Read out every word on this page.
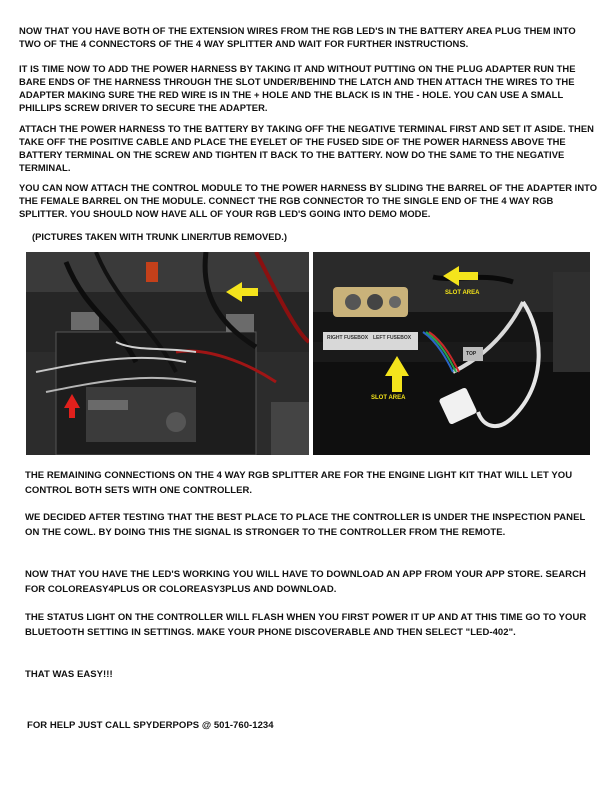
NOW THAT YOU HAVE BOTH OF THE EXTENSION WIRES FROM THE RGB LED'S IN THE BATTERY AREA PLUG THEM INTO TWO OF THE 4 CONNECTORS OF THE 4 WAY SPLITTER AND WAIT FOR FURTHER INSTRUCTIONS.
IT IS TIME NOW TO ADD THE POWER HARNESS BY TAKING IT AND WITHOUT PUTTING ON THE PLUG ADAPTER RUN THE BARE ENDS OF THE HARNESS THROUGH THE SLOT UNDER/BEHIND THE LATCH AND THEN ATTACH THE WIRES TO THE ADAPTER MAKING SURE THE RED WIRE IS IN THE + HOLE AND THE BLACK IS IN THE - HOLE. YOU CAN USE A SMALL PHILLIPS SCREW DRIVER TO SECURE THE ADAPTER.
ATTACH THE POWER HARNESS TO THE BATTERY BY TAKING OFF THE NEGATIVE TERMINAL FIRST AND SET IT ASIDE. THEN TAKE OFF THE POSITIVE CABLE AND PLACE THE EYELET OF THE FUSED SIDE OF THE POWER HARNESS ABOVE THE BATTERY TERMINAL ON THE SCREW AND TIGHTEN IT BACK TO THE BATTERY. NOW DO THE SAME TO THE NEGATIVE TERMINAL.
YOU CAN NOW ATTACH THE CONTROL MODULE TO THE POWER HARNESS BY SLIDING THE BARREL OF THE ADAPTER INTO THE FEMALE BARREL ON THE MODULE. CONNECT THE RGB CONNECTOR TO THE SINGLE END OF THE 4 WAY RGB SPLITTER. YOU SHOULD NOW HAVE ALL OF YOUR RGB LED'S GOING INTO DEMO MODE.
(PICTURES TAKEN WITH TRUNK LINER/TUB REMOVED.)
SLOT AREA
SLOT AREA
RIGHT FUSEBOX LEFT FUSEBOX
TOP
THE REMAINING CONNECTIONS ON THE 4 WAY RGB SPLITTER ARE FOR THE ENGINE LIGHT KIT THAT WILL LET YOU CONTROL BOTH SETS WITH ONE CONTROLLER.
WE DECIDED AFTER TESTING THAT THE BEST PLACE TO PLACE THE CONTROLLER IS UNDER THE INSPECTION PANEL ON THE COWL. BY DOING THIS THE SIGNAL IS STRONGER TO THE CONTROLLER FROM THE REMOTE.
NOW THAT YOU HAVE THE LED'S WORKING YOU WILL HAVE TO DOWNLOAD AN APP FROM YOUR APP STORE. SEARCH FOR COLOREASY4PLUS OR COLOREASY3PLUS AND DOWNLOAD.
THE STATUS LIGHT ON THE CONTROLLER WILL FLASH WHEN YOU FIRST POWER IT UP AND AT THIS TIME GO TO YOUR BLUETOOTH SETTING IN SETTINGS. MAKE YOUR PHONE DISCOVERABLE AND THEN SELECT "LED-402".
THAT WAS EASY!!!
FOR HELP JUST CALL SPYDERPOPS @ 501-760-1234
